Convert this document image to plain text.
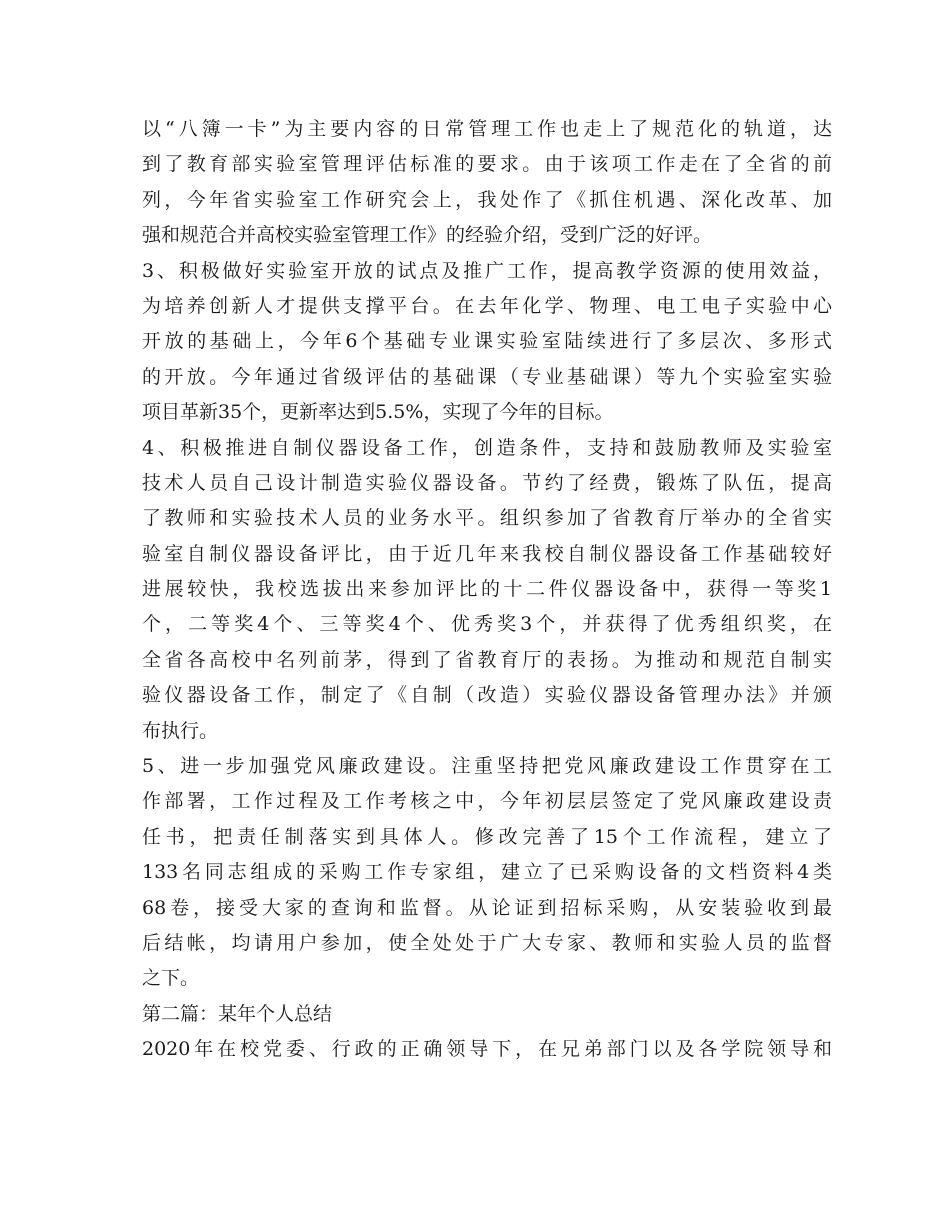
以“八簿一卡”为主要内容的日常管理工作也走上了规范化的轨道，达
到了教育部实验室管理评估标准的要求。由于该项工作走在了全省的前
列，今年省实验室工作研究会上，我处作了《抓住机遇、深化改革、加
强和规范合并高校实验室管理工作》的经验介绍，受到广泛的好评。
3、积极做好实验室开放的试点及推广工作，提高教学资源的使用效益，
为培养创新人才提供支撑平台。在去年化学、物理、电工电子实验中心
开放的基础上，今年6个基础专业课实验室陆续进行了多层次、多形式
的开放。今年通过省级评估的基础课（专业基础课）等九个实验室实验
项目革新35个，更新率达到5.5%，实现了今年的目标。
4、积极推进自制仪器设备工作，创造条件，支持和鼓励教师及实验室
技术人员自己设计制造实验仪器设备。节约了经费，锻炼了队伍，提高
了教师和实验技术人员的业务水平。组织参加了省教育厅举办的全省实
验室自制仪器设备评比，由于近几年来我校自制仪器设备工作基础较好
进展较快，我校选拔出来参加评比的十二件仪器设备中，获得一等奖1
个，二等奖4个、三等奖4个、优秀奖3个，并获得了优秀组织奖，在
全省各高校中名列前茅，得到了省教育厅的表扬。为推动和规范自制实
验仪器设备工作，制定了《自制（改造）实验仪器设备管理办法》并颁
布执行。
5、进一步加强党风廉政建设。注重坚持把党风廉政建设工作贯穿在工
作部署，工作过程及工作考核之中，今年初层层签定了党风廉政建设责
任书，把责任制落实到具体人。修改完善了15个工作流程，建立了
133名同志组成的采购工作专家组，建立了已采购设备的文档资料4类
68卷，接受大家的查询和监督。从论证到招标采购，从安装验收到最
后结帐，均请用户参加，使全处处于广大专家、教师和实验人员的监督
之下。
第二篇：某年个人总结
2020年在校党委、行政的正确领导下，在兄弟部门以及各学院领导和
